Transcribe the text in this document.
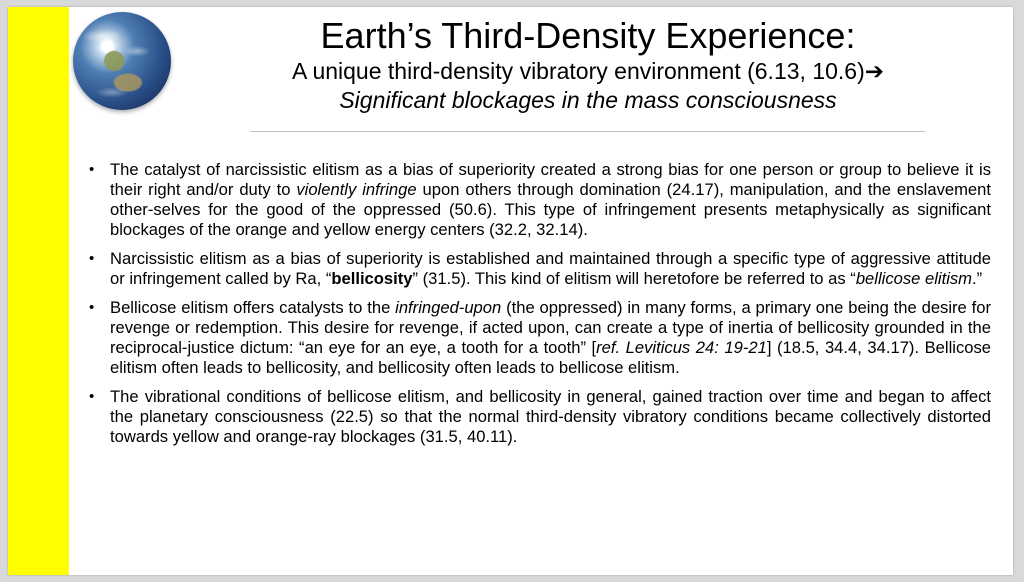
Earth’s Third-Density Experience:
A unique third-density vibratory environment (6.13, 10.6)➔
Significant blockages in the mass consciousness
• The catalyst of narcissistic elitism as a bias of superiority created a strong bias for one person or group to believe it is their right and/or duty to violently infringe upon others through domination (24.17), manipulation, and the enslavement other-selves for the good of the oppressed (50.6). This type of infringement presents metaphysically as significant blockages of the orange and yellow energy centers (32.2, 32.14).
• Narcissistic elitism as a bias of superiority is established and maintained through a specific type of aggressive attitude or infringement called by Ra, “bellicosity” (31.5). This kind of elitism will heretofore be referred to as “bellicose elitism.”
• Bellicose elitism offers catalysts to the infringed-upon (the oppressed) in many forms, a primary one being the desire for revenge or redemption. This desire for revenge, if acted upon, can create a type of inertia of bellicosity grounded in the reciprocal-justice dictum: “an eye for an eye, a tooth for a tooth” [ref. Leviticus 24: 19-21] (18.5, 34.4, 34.17). Bellicose elitism often leads to bellicosity, and bellicosity often leads to bellicose elitism.
• The vibrational conditions of bellicose elitism, and bellicosity in general, gained traction over time and began to affect the planetary consciousness (22.5) so that the normal third-density vibratory conditions became collectively distorted towards yellow and orange-ray blockages (31.5, 40.11).
